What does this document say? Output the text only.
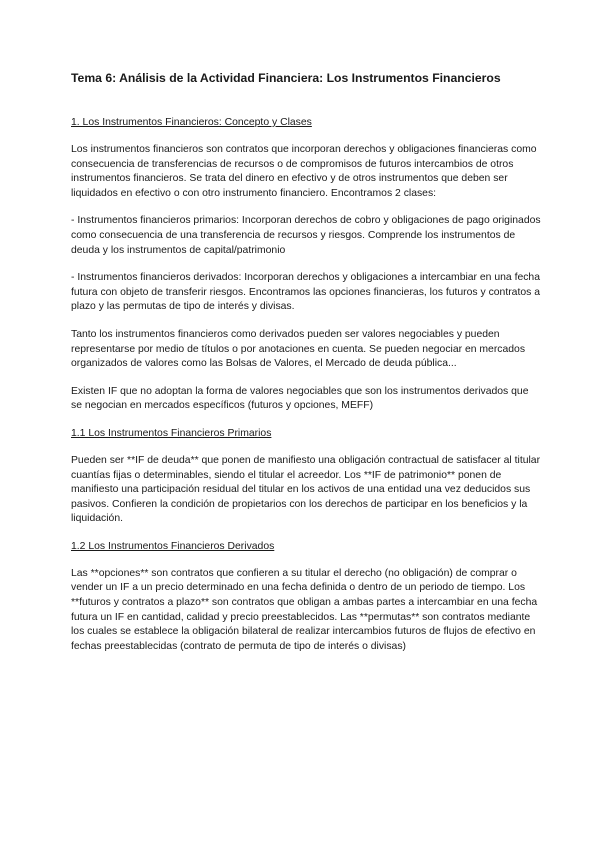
Tema 6: Análisis de la Actividad Financiera: Los Instrumentos Financieros
1. Los Instrumentos Financieros: Concepto y Clases

Los instrumentos financieros son contratos que incorporan derechos y obligaciones financieras como consecuencia de transferencias de recursos o de compromisos de futuros intercambios de otros instrumentos financieros. Se trata del dinero en efectivo y de otros instrumentos que deben ser liquidados en efectivo o con otro instrumento financiero. Encontramos 2 clases:

- Instrumentos financieros primarios: Incorporan derechos de cobro y obligaciones de pago originados como consecuencia de una transferencia de recursos y riesgos. Comprende los instrumentos de deuda y los instrumentos de capital/patrimonio

- Instrumentos financieros derivados: Incorporan derechos y obligaciones a intercambiar en una fecha futura con objeto de transferir riesgos. Encontramos las opciones financieras, los futuros y contratos a plazo y las permutas de tipo de interés y divisas.

Tanto los instrumentos financieros como derivados pueden ser valores negociables y pueden representarse por medio de títulos o por anotaciones en cuenta. Se pueden negociar en mercados organizados de valores como las Bolsas de Valores, el Mercado de deuda pública...

Existen IF que no adoptan la forma de valores negociables que son los instrumentos derivados que se negocian en mercados específicos (futuros y opciones, MEFF)

1.1 Los Instrumentos Financieros Primarios

Pueden ser **IF de deuda** que ponen de manifiesto una obligación contractual de satisfacer al titular cuantías fijas o determinables, siendo el titular el acreedor. Los **IF de patrimonio** ponen de manifiesto una participación residual del titular en los activos de una entidad una vez deducidos sus pasivos. Confieren la condición de propietarios con los derechos de participar en los beneficios y la liquidación.

1.2 Los Instrumentos Financieros Derivados

Las **opciones** son contratos que confieren a su titular el derecho (no obligación) de comprar o vender un IF a un precio determinado en una fecha definida o dentro de un periodo de tiempo. Los **futuros y contratos a plazo** son contratos que obligan a ambas partes a intercambiar en una fecha futura un IF en cantidad, calidad y precio preestablecidos. Las **permutas** son contratos mediante los cuales se establece la obligación bilateral de realizar intercambios futuros de flujos de efectivo en fechas preestablecidas (contrato de permuta de tipo de interés o divisas)
